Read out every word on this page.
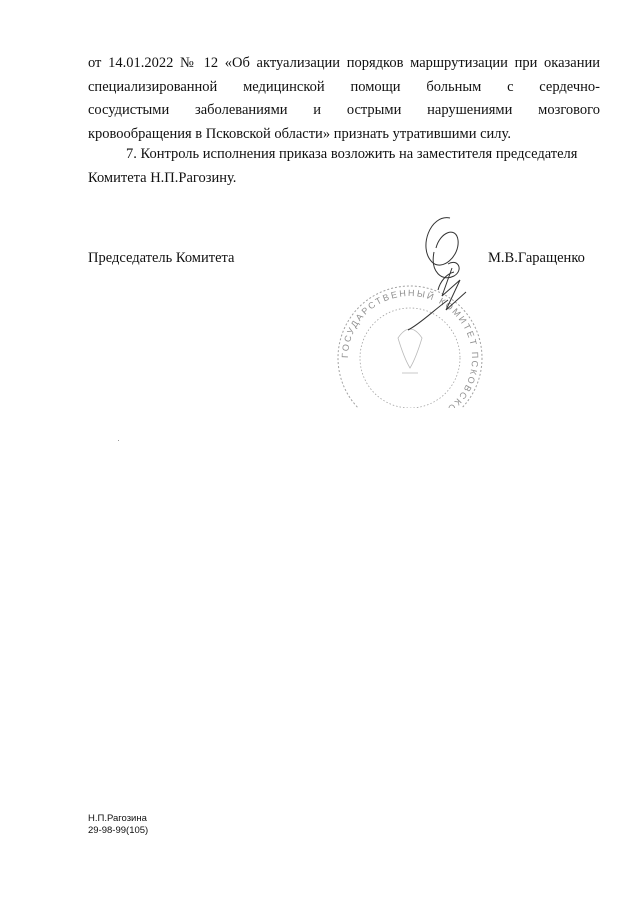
от 14.01.2022 № 12 «Об актуализации порядков маршрутизации при оказании
специализированной медицинской помощи больным с сердечно-
сосудистыми заболеваниями и острыми нарушениями мозгового
кровообращения в Псковской области» признать утратившими силу.
7. Контроль исполнения приказа возложить на заместителя председателя
Комитета Н.П.Рагозину.
Председатель Комитета	М.В.Гаращенко
ГОСУДАРСТВЕННЫЙ КОМИТЕТ ПСКОВСК
Н.П.Рагозина
29-98-99(105)
